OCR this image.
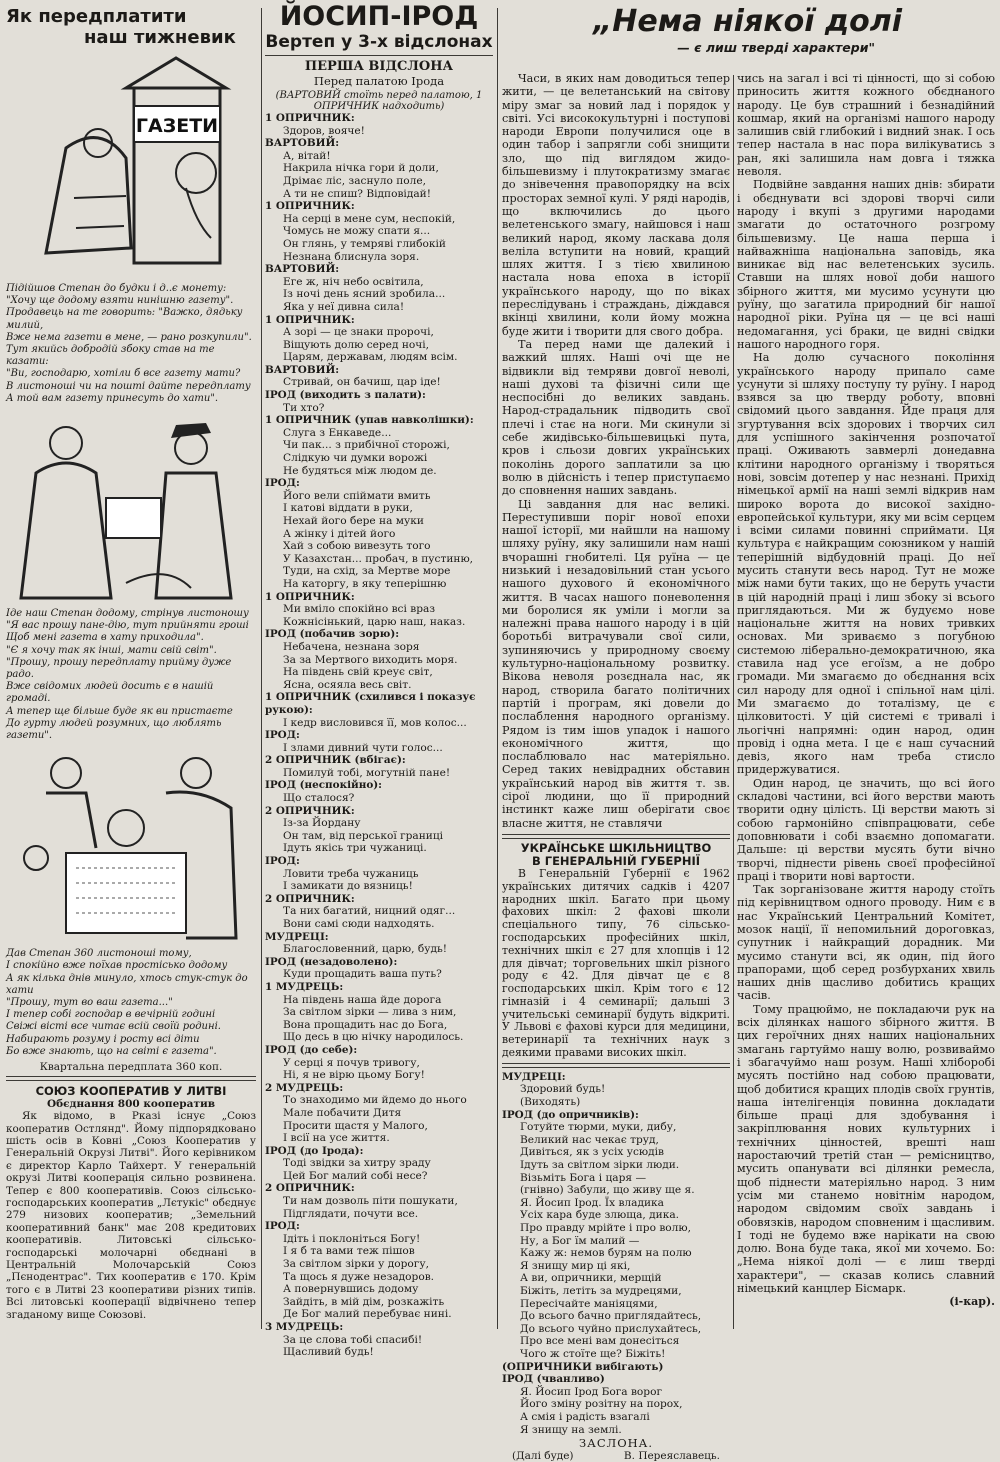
Як передплатити
наш тижневик
ГАЗЕТИ

Підійшов Степан до будки і д..є монету:

"Хочу ще додому взяти нинішню газету".

Продавець на те говорить: "Важко, дядьку милий,

Вже нема газети в мене, — рано розкупили".

Тут якийсь добродій збоку став на те казати:

"Ви, господарю, хотіли б все газету мати?

В листоноші чи на пошті дайте передплату

А той вам газету принесуть до хати".

Іде наш Степан додому, стрінув листоношу

"Я вас прошу пане-дію, тут прийняти гроші

Щоб мені газета в хату приходила".

"Є я хочу так як інші, мати свій світ".

"Прошу, прошу передплату прийму дуже радо.

Вже свідомих людей досить є в нашій громаді.

А тепер ще більше буде як ви пристаєте

До гурту людей розумних, що люблять газети".

Дав Степан 360 листоноші тому,

І спокійно вже поїхав простісько додому

А як кілька днів минуло, хтось стук-стук до хати

"Прошу, тут во ваш газета..."

І тепер собі господар в вечірній годині

Свіжі вісті все читає всій своїй родині.

Набирають розуму і росту всі діти

Бо вже знають, що на світі є газета".

Квартальна передплата 360 коп.
СОЮЗ КООПЕРАТИВ У ЛИТВІ
Обєднання 800 кооператив

Як відомо, в Рказі існує „Союз кооператив Остлянд". Йому підпорядковано шість осів в Ковні „Союз Кооператив у Генеральній Окрузі Литві". Його керівником є директор Карло Тайхерт. У генеральній окрузі Литві кооперація сильно розвинена. Тепер є 800 кооперативів. Союз сільсько-господарських кооператив „Лєтукіс" обєднує 279 низових кооператив; „Земельний кооперативний банк" має 208 кредитових кооперативів. Литовські сільсько-господарські молочарні обєднані в Центральній Молочарській Союз „Пєнодентрас". Тих кооператив є 170. Крім того є в Литві 23 кооперативи різних типів. Всі литовські кооперації відвічнено тепер згаданому вище Союзові.

ЙОСИП-ІРОД
Вертеп у 3-х відслонах
ПЕРША ВІДСЛОНА
Перед палатою Ірода
(ВАРТОВИЙ стоїть перед палатою, 1 ОПРИЧНИК надходить)
1 ОПРИЧНИК:
Здоров, вояче!
ВАРТОВИЙ:
А, вітай!
Накрила нічка гори й доли,
Дрімає ліс, заснуло поле,
А ти не спиш? Відповідай!
1 ОПРИЧНИК:
На серці в мене сум, неспокій,
Чомусь не можу спати я...
Он глянь, у темряві глибокій
Незнана блиснула зоря.
ВАРТОВИЙ:
Еге ж, ніч небо освітила,
Із ночі день ясний зробила...
Яка у неї дивна сила!
1 ОПРИЧНИК:
А зорі — це знаки пророчі,
Віщують долю серед ночі,
Царям, державам, людям всім.
ВАРТОВИЙ:
Стривай, он бачиш, цар іде!
ІРОД (виходить з палати):
Ти хто?
1 ОПРИЧНИК (упав навколішки):
Слуга з Енкаведе...
Чи пак... з прибічної сторожі,
Слідкую чи думки ворожі
Не будяться між людом де.
ІРОД:
Його вели спіймати вмить
І катові віддати в руки,
Нехай його бере на муки
А жінку і дітей його
Хай з собою вивезуть того
У Казахстан... пробач, в пустиню,
Туди, на схід, за Мертве море
На каторгу, в яку теперішню
1 ОПРИЧНИК:
Ми вміло спокійно всі враз
Кожнісінький, царю наш, наказ.
ІРОД (побачив зорю):
Небачена, незнана зоря
За за Мертвого виходить моря.
На південь свій креує світ,
Ясна, осяяла весь світ.
1 ОПРИЧНИК (схилився і показує рукою):
І кедр висловився її, мов колос...
ІРОД:
І злами дивний чути голос...
2 ОПРИЧНИК (вбігає):
Помилуй тобі, могутній пане!
ІРОД (неспокійно):
Що сталося?
2 ОПРИЧНИК:
Із-за Йордану
Он там, від перської границі
Ідуть якісь три чужаниці.
ІРОД:
Ловити треба чужаниць
І замикати до вязниць!
2 ОПРИЧНИК:
Та них багатий, ницний одяг...
Вони самі сюди надходять.
МУДРЕЦІ:
Благословенний, царю, будь!
ІРОД (незадоволено):
Куди прощадить ваша путь?
1 МУДРЕЦЬ:
На південь наша йде дорога
За світлом зірки — лива з ним,
Вона прощадить нас до Бога,
Що десь в цю нічку народилось.
ІРОД (до себе):
У серці я почув тривогу,
Ні, я не вірю цьому Богу!
2 МУДРЕЦЬ:
То знаходимо ми йдемо до нього
Мале побачити Дитя
Просити щастя у Малого,
І всії на усе життя.
ІРОД (до Ірода):
Тоді звідки за хитру зраду
Цей Бог малий собі несе?
2 ОПРИЧНИК:
Ти нам дозволь піти пошукати,
Підглядати, почути все.
ІРОД:
Ідіть і поклоніться Богу!
І я б та вами теж пішов
За світлом зірки у дорогу,
Та щось я дуже незадоров.
А повернувшись додому
Зайдіть, в мій дім, розкажіть
Де Бог малий перебуває нині.
3 МУДРЕЦЬ:
За це слова тобі спасибі!
Щасливий будь!
„Нема ніякої долі
— є лиш тверді характери"

Часи, в яких нам доводиться тепер жити, — це велетанський на світову міру змаг за новий лад і порядок у світі. Усі висококультурні і поступові народи Европи получилися оце в один табор і запрягли собі знищити зло, що під виглядом жидо-більшевизму і плутократизму змагає до знівечення правопорядку на всіх просторах земної кулі. У ряді народів, що включились до цього велетенського змагу, найшовся і наш великий народ, якому ласкава доля веліла вступити на новий, кращий шлях життя. І з тією хвилиною настала нова епоха в історії українського народу, що по віках переслідувань і страждань, діждався вкінці хвилини, коли йому можна буде жити і творити для свого добра.

Та перед нами ще далекий і важкий шлях. Наші очі ще не відвикли від темряви довгої неволі, наші духові та фізичні сили ще неспосібні до великих завдань. Народ-страдальник підводить свої плечі і стає на ноги. Ми скинули зі себе жидівсько-більшевицькі пута, кров і сльози довгих українських поколінь дорого заплатили за цю волю в дійсність і тепер приступаємо до сповнення наших завдань.

Ці завдання для нас великі. Переступивши поріг нової епохи нашої історії, ми найшли на нашому шляху руїну, яку залишили нам наші вчорашні гнобителі. Ця руїна — це низький і незадовільний стан усього нашого духового й економічного життя. В часах нашого поневолення ми боролися як уміли і могли за належні права нашого народу і в цій боротьбі витрачували свої сили, зупиняючись у природному своєму культурно-національному розвитку. Вікова неволя розєднала нас, як народ, створила багато політичних партій і програм, які довели до послаблення народного організму. Рядом із тим ішов упадок і нашого економічного життя, що послаблювало нас матеріяльно. Серед таких невідрадних обставин український народ вів життя т. зв. сірої людини, що її природний інстинкт каже лиш оберігати своє власне життя, не ставлячи

УКРАЇНСЬКЕ ШКІЛЬНИЦТВО
В ГЕНЕРАЛЬНІЙ ГУБЕРНІЇ

В Генеральній Губернії є 1962 українських дитячих садків і 4207 народних шкіл. Багато при цьому фахових шкіл: 2 фахові школи спеціального типу, 76 сільсько-господарських професійних шкіл, технічних шкіл є 27 для хлопців і 12 для дівчат; торговельних шкіл різного роду є 42. Для дівчат це є 8 господарських шкіл. Крім того є 12 гімназій і 4 семинарії; дальші 3 учительські семинарії будуть відкриті. У Львові є фахові курси для медицини, ветеринарії та технічних наук з деякими правами високих шкіл.

МУДРЕЦІ:
Здоровий будь!
(Виходять)
ІРОД (до опричників):
Готуйте тюрми, муки, дибу,
Великий нас чекає труд,
Дивіться, як з усіх усюдів
Ідуть за світлом зірки люди.
Візьміть Бога і царя —
(гнівно) Забули, що живу ще я.
Я. Йосип Ірод. Їх владика
Усіх кара буде злюща, дика.
Про правду мрійте і про волю,
Ну, а Бог їм малий —
Кажу ж: немов бурям на полю
Я знищу мир ці які,
А ви, опричники, мерщій
Біжіть, летіть за мудрецями,
Пересічайте маніяцями,
До всього бачно приглядайтесь,
До всього чуйно прислухайтесь,
Про все мені вам донесіться
Чого ж стоїте ще? Біжіть!
(ОПРИЧНИКИ вибігають)
ІРОД (чванливо)
Я. Йосип Ірод Бога ворог
Його зміну розітну на порох,
А смія і радість взагалі
Я знищу на землі.
ЗАСЛОНА.
(Далі буде)	В. Переяславець.

чись на загал і всі ті цінності, що зі собою приносить життя кожного обєднаного народу. Це був страшний і безнадійний кошмар, який на організмі нашого народу залишив свій глибокий і видний знак. І ось тепер настала в нас пора вилікуватись з ран, які залишила нам довга і тяжка неволя.

Подвійне завдання наших днів: збирати і обєднувати всі здорові творчі сили народу і вкупі з другими народами змагати до остаточного розгрому більшевизму. Це наша перша і найважніша національна заповідь, яка виникає від нас велетенських зусиль. Ставши на шлях нової доби нашого збірного життя, ми мусимо усунути цю руїну, що загатила природний біг нашої народної ріки. Руїна ця — це всі наші недомагання, усі браки, це видні свідки нашого народного горя.

На долю сучасного покоління українського народу припало саме усунути зі шляху поступу ту руїну. І народ взявся за цю тверду роботу, вповні свідомий цього завдання. Йде праця для згуртування всіх здорових і творчих сил для успішного закінчення розпочатої праці. Оживають завмерлі донедавна клітини народного організму і творяться нові, зовсім дотепер у нас незнані. Прихід німецької армії на наші землі відкрив нам широко ворота до високої західно-европейської культури, яку ми всім серцем і всіми силами повинні сприймати. Ця культура є найкращим союзником у нашій теперішній відбудовній праці. До неї мусить станути весь народ. Тут не може між нами бути таких, що не беруть участи в цій народній праці і лиш збоку зі всього приглядаються. Ми ж будуємо нове національне життя на нових тривких основах. Ми зриваємо з погубною системою ліберально-демократичною, яка ставила над усе егоїзм, а не добро громади. Ми змагаємо до обєднання всіх сил народу для одної і спільної нам цілі. Ми змагаємо до тоталізму, це є цілковитості. У цій системі є тривалі і льогічні напрямні: один народ, один провід і одна мета. І це є наш сучасний девіз, якого нам треба стисло придержуватися.

Один народ, це значить, що всі його складові частини, всі його верстви мають творити одну цілість. Ці верстви мають зі собою гармонійно співпрацювати, себе доповнювати і собі взаємно допомагати. Дальше: ці верстви мусять бути вічно творчі, піднести рівень своєї професійної праці і творити нові вартости.

Так зорганізоване життя народу стоїть під керівництвом одного проводу. Ним є в нас Український Центральний Комітет, мозок нації, її непомильний дороговказ, супутник і найкращий дорадник. Ми мусимо станути всі, як один, під його прапорами, щоб серед розбурханих хвиль наших днів щасливо добитись кращих часів.

Тому працюймо, не покладаючи рук на всіх ділянках нашого збірного життя. В цих героїчних днях наших національних змагань гартуймо нашу волю, розвиваймо і збагачуймо наш розум. Наші хліборобі мусять постійно над собою працювати, щоб добитися кращих плодів своїх грунтів, наша інтелігенція повинна докладати більше праці для здобування і закріплювання нових культурних і технічних цінностей, врешті наш наростаючий третій стан — ремісництво, мусить опанувати всі ділянки ремесла, щоб піднести матеріяльно народ. З ним усім ми станемо новітнім народом, народом свідомим своїх завдань і обовязків, народом сповненим і щасливим. І тоді не будемо вже нарікати на свою долю. Вона буде така, якої ми хочемо. Бо: „Нема ніякої долі — є лиш тверді характери", — сказав колись славний німецький канцлер Бісмарк.

(і-кар).
